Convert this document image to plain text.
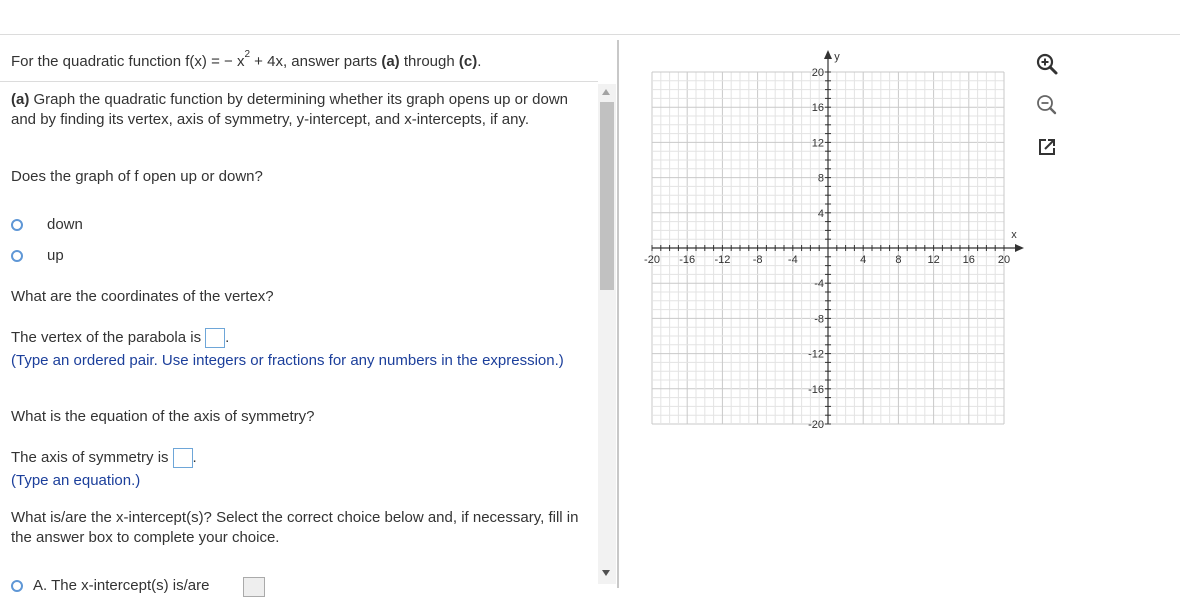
For the quadratic function f(x) = − $x^2 + 4x$, answer parts (a) through (c).

(a) Graph the quadratic function by determining whether its graph opens up or down and by finding its vertex, axis of symmetry, y-intercept, and x-intercepts, if any.

Does the graph of f open up or down?
down
up
What are the coordinates of the vertex?
The vertex of the parabola is .
(Type an ordered pair. Use integers or fractions for any numbers in the expression.)
What is the equation of the axis of symmetry?
The axis of symmetry is .
(Type an equation.)
What is/are the x-intercept(s)? Select the correct choice below and, if necessary, fill in the answer box to complete your choice.
A. The x-intercept(s) is/are
-20 -16 -12 -8 -4	4	8 12 16 20
20
16
12
8
4
-4
-8
-12
-16
-20
x
y
